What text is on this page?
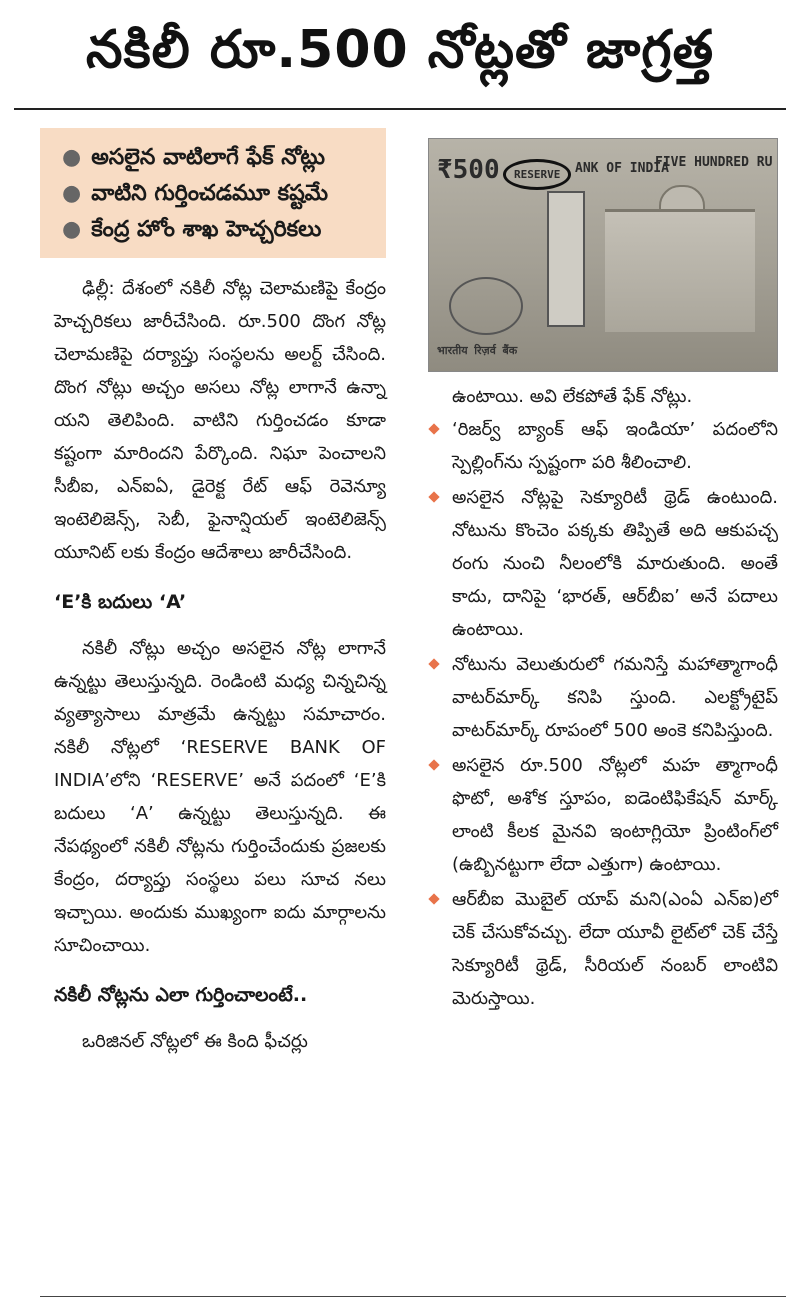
నకిలీ రూ.500 నోట్లతో జాగ్రత్త
● అసలైన వాటిలాగే ఫేక్ నోట్లు
● వాటిని గుర్తించడమూ కష్టమే
● కేంద్ర హోం శాఖ హెచ్చరికలు

ఢిల్లీ: దేశంలో నకిలీ నోట్ల చెలామణిపై కేంద్రం హెచ్చరికలు జారీచేసింది. రూ.500 దొంగ నోట్ల చెలామణిపై దర్యాప్తు సంస్థలను అలర్ట్ చేసింది. దొంగ నోట్లు అచ్చం అసలు నోట్ల లాగానే ఉన్నా యని తెలిపింది. వాటిని గుర్తించడం కూడా కష్టంగా మారిందని పేర్కొంది. నిఘా పెంచాలని సీబీఐ, ఎన్ఐఏ, డైరెక్ట రేట్ ఆఫ్ రెవెన్యూ ఇంటెలిజెన్స్, సెబీ, ఫైనాన్షియల్ ఇంటెలిజెన్స్ యూనిట్ లకు కేంద్రం ఆదేశాలు జారీచేసింది.

‘E’కి బదులు ‘A’

నకిలీ నోట్లు అచ్చం అసలైన నోట్ల లాగానే ఉన్నట్టు తెలుస్తున్నది. రెండింటి మధ్య చిన్నచిన్న వ్యత్యాసాలు మాత్రమే ఉన్నట్టు సమాచారం. నకిలీ నోట్లలో ‘RESERVE BANK OF INDIA’లోని ‘RESERVE’ అనే పదంలో ‘E’కి బదులు ‘A’ ఉన్నట్టు తెలుస్తున్నది. ఈ నేపథ్యంలో నకిలీ నోట్లను గుర్తించేందుకు ప్రజలకు కేంద్రం, దర్యాప్తు సంస్థలు పలు సూచ నలు ఇచ్చాయి. అందుకు ముఖ్యంగా ఐదు మార్గాలను సూచించాయి.

నకిలీ నోట్లను ఎలా గుర్తించాలంటే..

ఒరిజినల్ నోట్లలో ఈ కింది ఫీచర్లు

₹500	RESERVE	ANK OF INDIA
FIVE HUNDRED RU
भारतीय रिज़र्व बैंक

ఉంటాయి. అవి లేకపోతే ఫేక్ నోట్లు.

‘రిజర్వ్ బ్యాంక్ ఆఫ్ ఇండియా’ పదంలోని స్పెల్లింగ్‌ను స్పష్టంగా పరి శీలించాలి.

అసలైన నోట్లపై సెక్యూరిటీ థ్రెడ్ ఉంటుంది. నోటును కొంచెం పక్కకు తిప్పితే అది ఆకుపచ్చ రంగు నుంచి నీలంలోకి మారుతుంది. అంతే కాదు, దానిపై ‘భారత్, ఆర్‌బీఐ’ అనే పదాలు ఉంటాయి.

నోటును వెలుతురులో గమనిస్తే మహాత్మాగాంధీ వాటర్‌మార్క్ కనిపి స్తుంది. ఎలక్ట్రోటైప్ వాటర్‌మార్క్ రూపంలో 500 అంకె కనిపిస్తుంది.

అసలైన రూ.500 నోట్లలో మహ త్మాగాంధీ ఫొటో, అశోక స్తూపం, ఐడెంటిఫికేషన్ మార్క్ లాంటి కీలక మైనవి ఇంటాగ్లియో ప్రింటింగ్‌లో (ఉబ్బినట్టుగా లేదా ఎత్తుగా) ఉంటాయి.

ఆర్‌బీఐ మొబైల్ యాప్ మని(ఎంఏ ఎన్ఐ)లో చెక్ చేసుకోవచ్చు. లేదా యూవీ లైట్‌లో చెక్ చేస్తే సెక్యూరిటీ థ్రెడ్, సీరియల్ నంబర్ లాంటివి మెరుస్తాయి.
